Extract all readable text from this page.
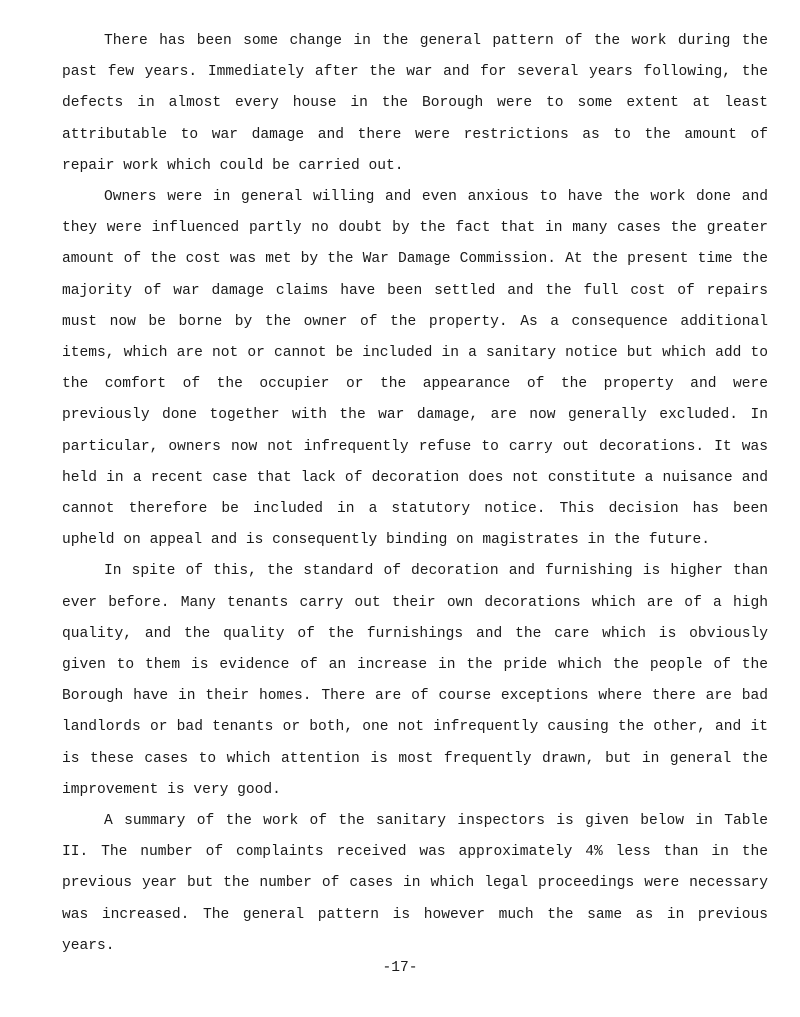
There has been some change in the general pattern of the work during the past few years. Immediately after the war and for several years following, the defects in almost every house in the Borough were to some extent at least attributable to war damage and there were restrictions as to the amount of repair work which could be carried out.

Owners were in general willing and even anxious to have the work done and they were influenced partly no doubt by the fact that in many cases the greater amount of the cost was met by the War Damage Commission. At the present time the majority of war damage claims have been settled and the full cost of repairs must now be borne by the owner of the property. As a consequence additional items, which are not or cannot be included in a sanitary notice but which add to the comfort of the occupier or the appearance of the property and were previously done together with the war damage, are now generally excluded. In particular, owners now not infrequently refuse to carry out decorations. It was held in a recent case that lack of decoration does not constitute a nuisance and cannot therefore be included in a statutory notice. This decision has been upheld on appeal and is consequently binding on magistrates in the future.

In spite of this, the standard of decoration and furnishing is higher than ever before. Many tenants carry out their own decorations which are of a high quality, and the quality of the furnishings and the care which is obviously given to them is evidence of an increase in the pride which the people of the Borough have in their homes. There are of course exceptions where there are bad landlords or bad tenants or both, one not infrequently causing the other, and it is these cases to which attention is most frequently drawn, but in general the improvement is very good.

A summary of the work of the sanitary inspectors is given below in Table II. The number of complaints received was approximately 4% less than in the previous year but the number of cases in which legal proceedings were necessary was increased. The general pattern is however much the same as in previous years.

-17-
